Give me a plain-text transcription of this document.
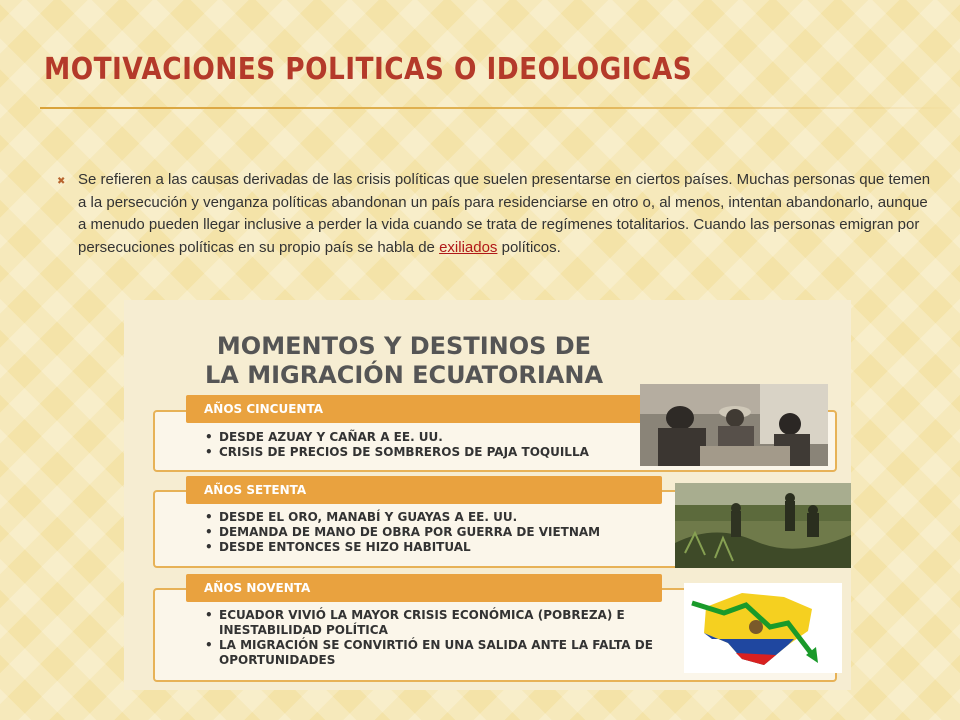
MOTIVACIONES POLITICAS O IDEOLOGICAS
✖ Se refieren a las causas derivadas de las crisis políticas que suelen presentarse en ciertos países. Muchas personas que temen a la persecución y venganza políticas abandonan un país para residenciarse en otro o, al menos, intentan abandonarlo, aunque a menudo pueden llegar inclusive a perder la vida cuando se trata de regímenes totalitarios. Cuando las personas emigran por persecuciones políticas en su propio país se habla de exiliados políticos.

MOMENTOS Y DESTINOS DE
LA MIGRACIÓN ECUATORIANA
• DESDE AZUAY Y CAÑAR A EE. UU.
• CRISIS DE PRECIOS DE SOMBREROS DE PAJA TOQUILLA
AÑOS CINCUENTA
• DESDE EL ORO, MANABÍ Y GUAYAS A EE. UU.
• DEMANDA DE MANO DE OBRA POR GUERRA DE VIETNAM
• DESDE ENTONCES SE HIZO HABITUAL
AÑOS SETENTA
• ECUADOR VIVIÓ LA MAYOR CRISIS ECONÓMICA (POBREZA) E INESTABILIDAD POLÍTICA
• LA MIGRACIÓN SE CONVIRTIÓ EN UNA SALIDA ANTE LA FALTA DE OPORTUNIDADES
AÑOS NOVENTA
